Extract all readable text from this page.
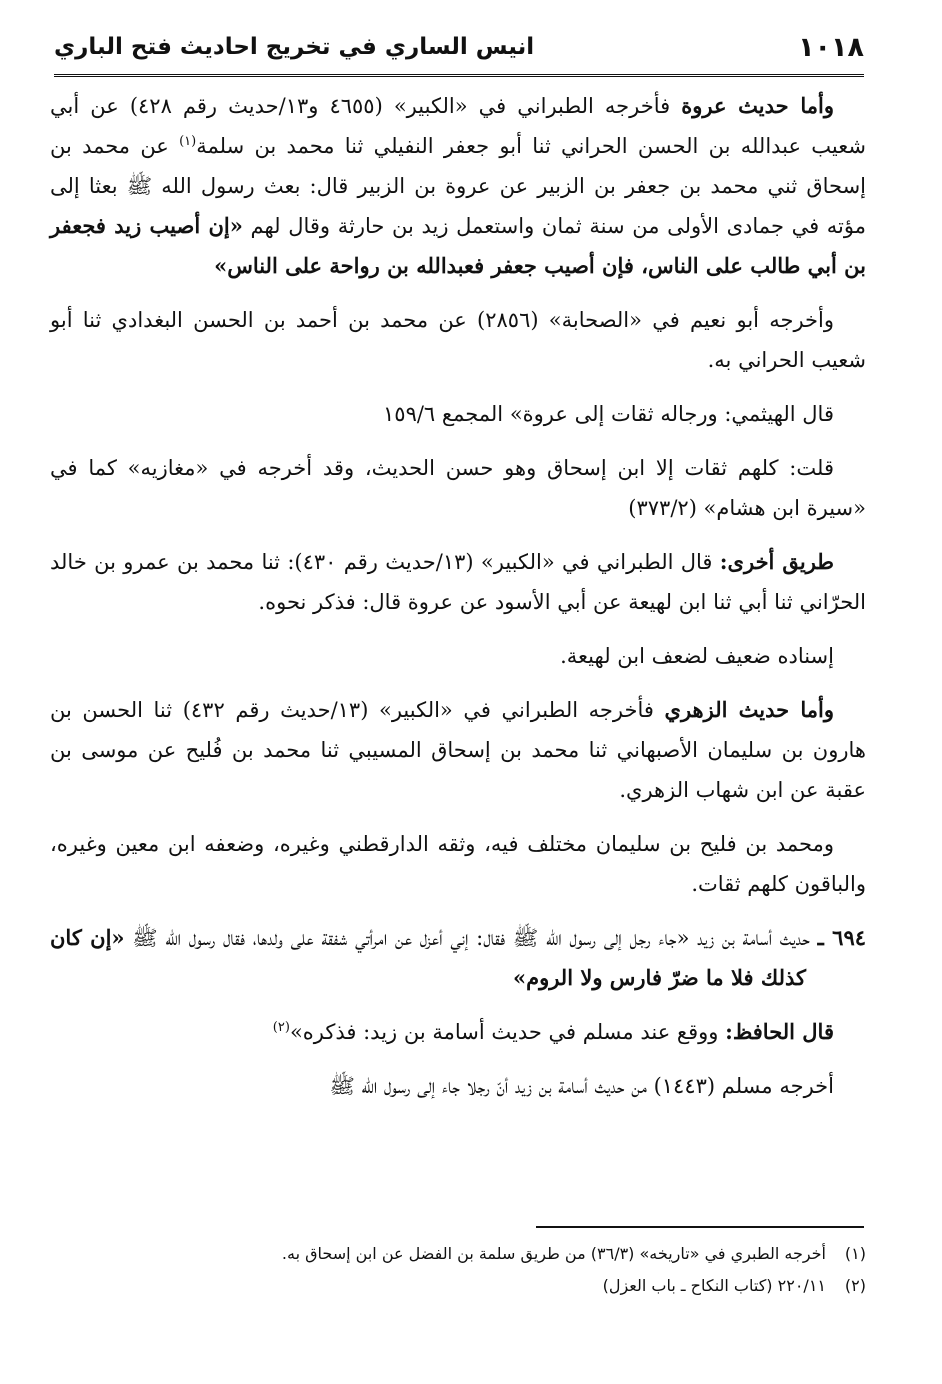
١٠١٨
انيس الساري في تخريج احاديث فتح الباري

وأما حديث عروة فأخرجه الطبراني في «الكبير» (٤٦٥٥ و١٣/حديث رقم ٤٢٨) عن أبي شعيب عبدالله بن الحسن الحراني ثنا أبو جعفر النفيلي ثنا محمد بن سلمة$^{(١)}$ عن محمد بن إسحاق ثني محمد بن جعفر بن الزبير عن عروة بن الزبير قال: بعث رسول الله ﷺ بعثا إلى مؤته في جمادى الأولى من سنة ثمان واستعمل زيد بن حارثة وقال لهم «إن أصيب زيد فجعفر بن أبي طالب على الناس، فإن أصيب جعفر فعبدالله بن رواحة على الناس»

وأخرجه أبو نعيم في «الصحابة» (٢٨٥٦) عن محمد بن أحمد بن الحسن البغدادي ثنا أبو شعيب الحراني به.

قال الهيثمي: ورجاله ثقات إلى عروة» المجمع ١٥٩/٦

قلت: كلهم ثقات إلا ابن إسحاق وهو حسن الحديث، وقد أخرجه في «مغازيه» كما في «سيرة ابن هشام» (٣٧٣/٢)

طريق أخرى: قال الطبراني في «الكبير» (١٣/حديث رقم ٤٣٠): ثنا محمد بن عمرو بن خالد الحرّاني ثنا أبي ثنا ابن لهيعة عن أبي الأسود عن عروة قال: فذكر نحوه.

إسناده ضعيف لضعف ابن لهيعة.

وأما حديث الزهري فأخرجه الطبراني في «الكبير» (١٣/حديث رقم ٤٣٢) ثنا الحسن بن هارون بن سليمان الأصبهاني ثنا محمد بن إسحاق المسيبي ثنا محمد بن فُليح عن موسى بن عقبة عن ابن شهاب الزهري.

ومحمد بن فليح بن سليمان مختلف فيه، وثقه الدارقطني وغيره، وضعفه ابن معين وغيره، والباقون كلهم ثقات.

٦٩٤ ـ حديث أسامة بن زيد «جاء رجل إلى رسول الله ﷺ فقال: إني أعزل عن امرأتي شفقة على ولدها، فقال رسول الله ﷺ «إن كان كذلك فلا ما ضرّ فارس ولا الروم»

قال الحافظ: ووقع عند مسلم في حديث أسامة بن زيد: فذكره»$^{(٢)}$

أخرجه مسلم (١٤٤٣) من حديث أسامة بن زيد أنّ رجلا جاء إلى رسول الله ﷺ

(١)أخرجه الطبري في «تاريخه» (٣٦/٣) من طريق سلمة بن الفضل عن ابن إسحاق به.

(٢)٢٢٠/١١ (كتاب النكاح ـ باب العزل)
